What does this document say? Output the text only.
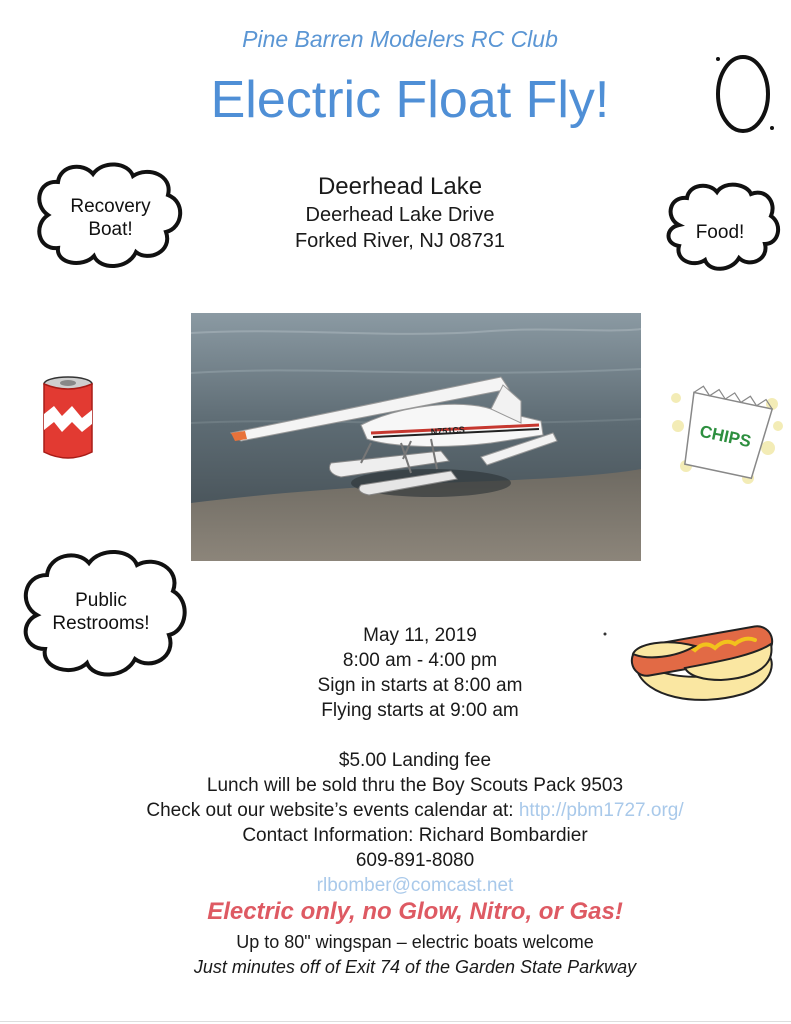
Pine Barren Modelers RC Club
Electric Float Fly!
Deerhead Lake
Deerhead Lake Drive
Forked River, NJ 08731
Recovery
Boat!	Food!
Public
Restrooms!
CHIPS
N751CS
May 11, 2019
8:00 am - 4:00 pm
Sign in starts at 8:00 am
Flying starts at 9:00 am
$5.00 Landing fee
Lunch will be sold thru the Boy Scouts Pack 9503
Check out our website’s events calendar at: http://pbm1727.org/
Contact Information: Richard Bombardier
609-891-8080
rlbomber@comcast.net
Electric only, no Glow, Nitro, or Gas!
Up to 80" wingspan – electric boats welcome
Just minutes off of Exit 74 of the Garden State Parkway
